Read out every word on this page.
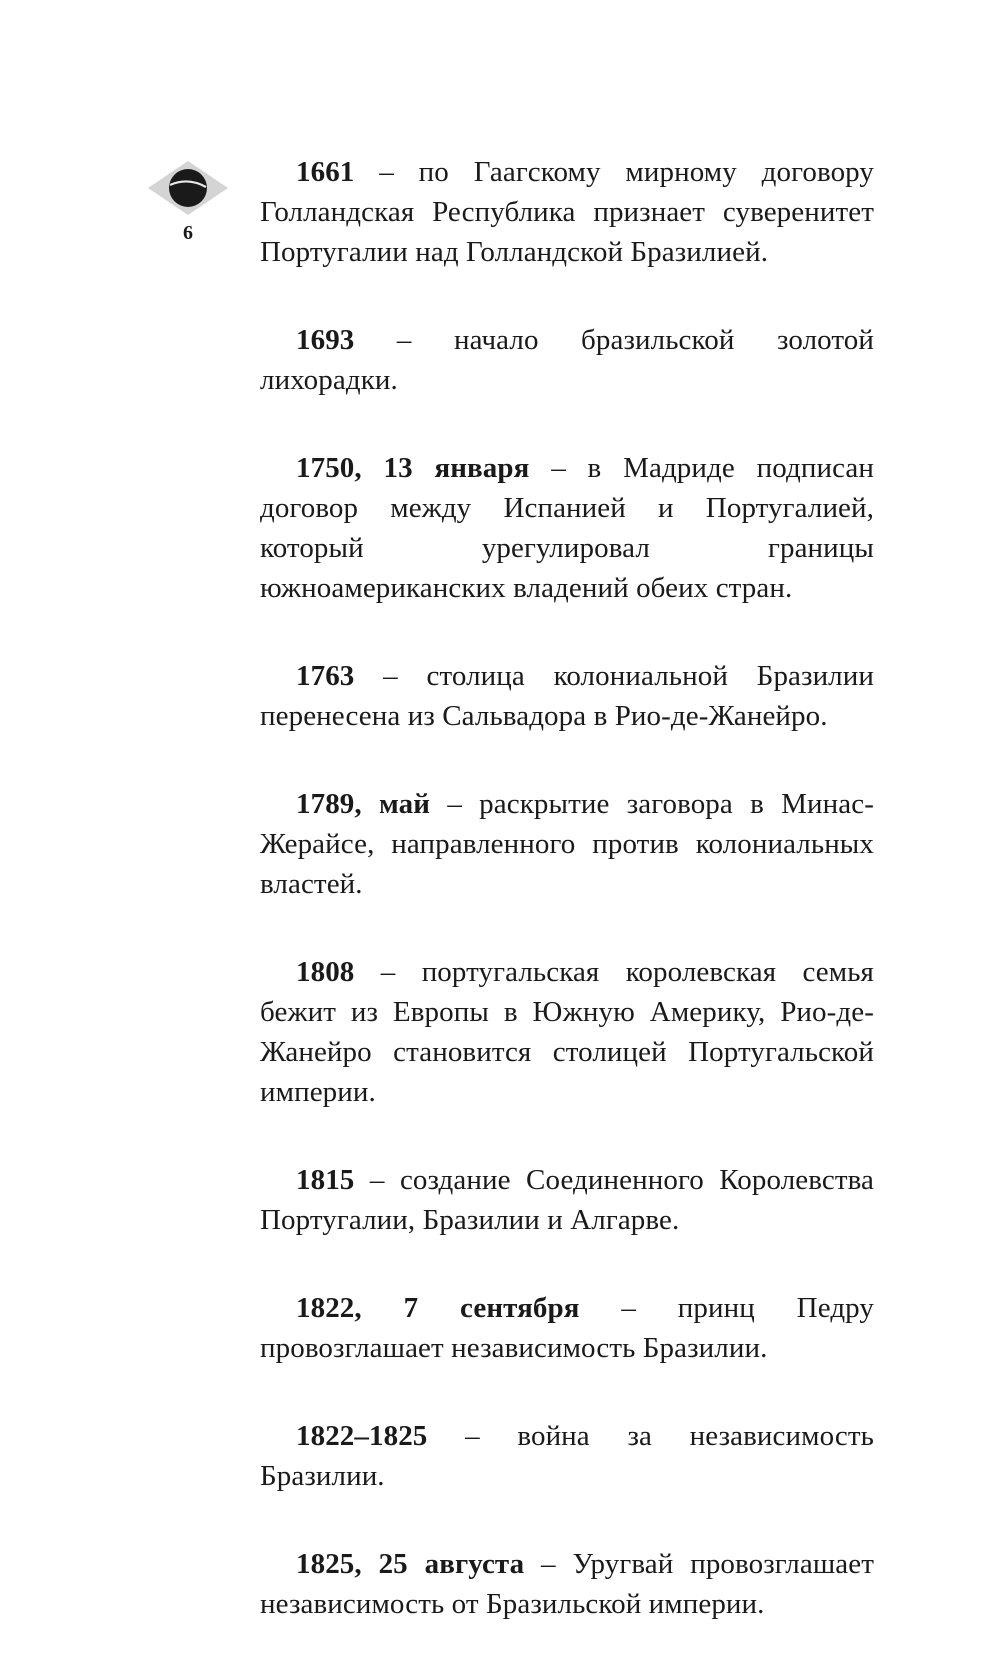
6

1661 – по Гаагскому мирному договору Голландская Республика признает суверенитет Португалии над Голландской Бразилией.

1693 – начало бразильской золотой лихорадки.

1750, 13 января – в Мадриде подписан договор между Испанией и Португалией, который урегулировал границы южноамериканских владений обеих стран.

1763 – столица колониальной Бразилии перенесена из Сальвадора в Рио-де-Жанейро.

1789, май – раскрытие заговора в Минас-Жерайсе, направленного против колониальных властей.

1808 – португальская королевская семья бежит из Европы в Южную Америку, Рио-де-Жанейро становится столицей Португальской империи.

1815 – создание Соединенного Королевства Португалии, Бразилии и Алгарве.

1822, 7 сентября – принц Педру провозглашает независимость Бразилии.

1822–1825 – война за независимость Бразилии.

1825, 25 августа – Уругвай провозглашает независимость от Бразильской империи.
